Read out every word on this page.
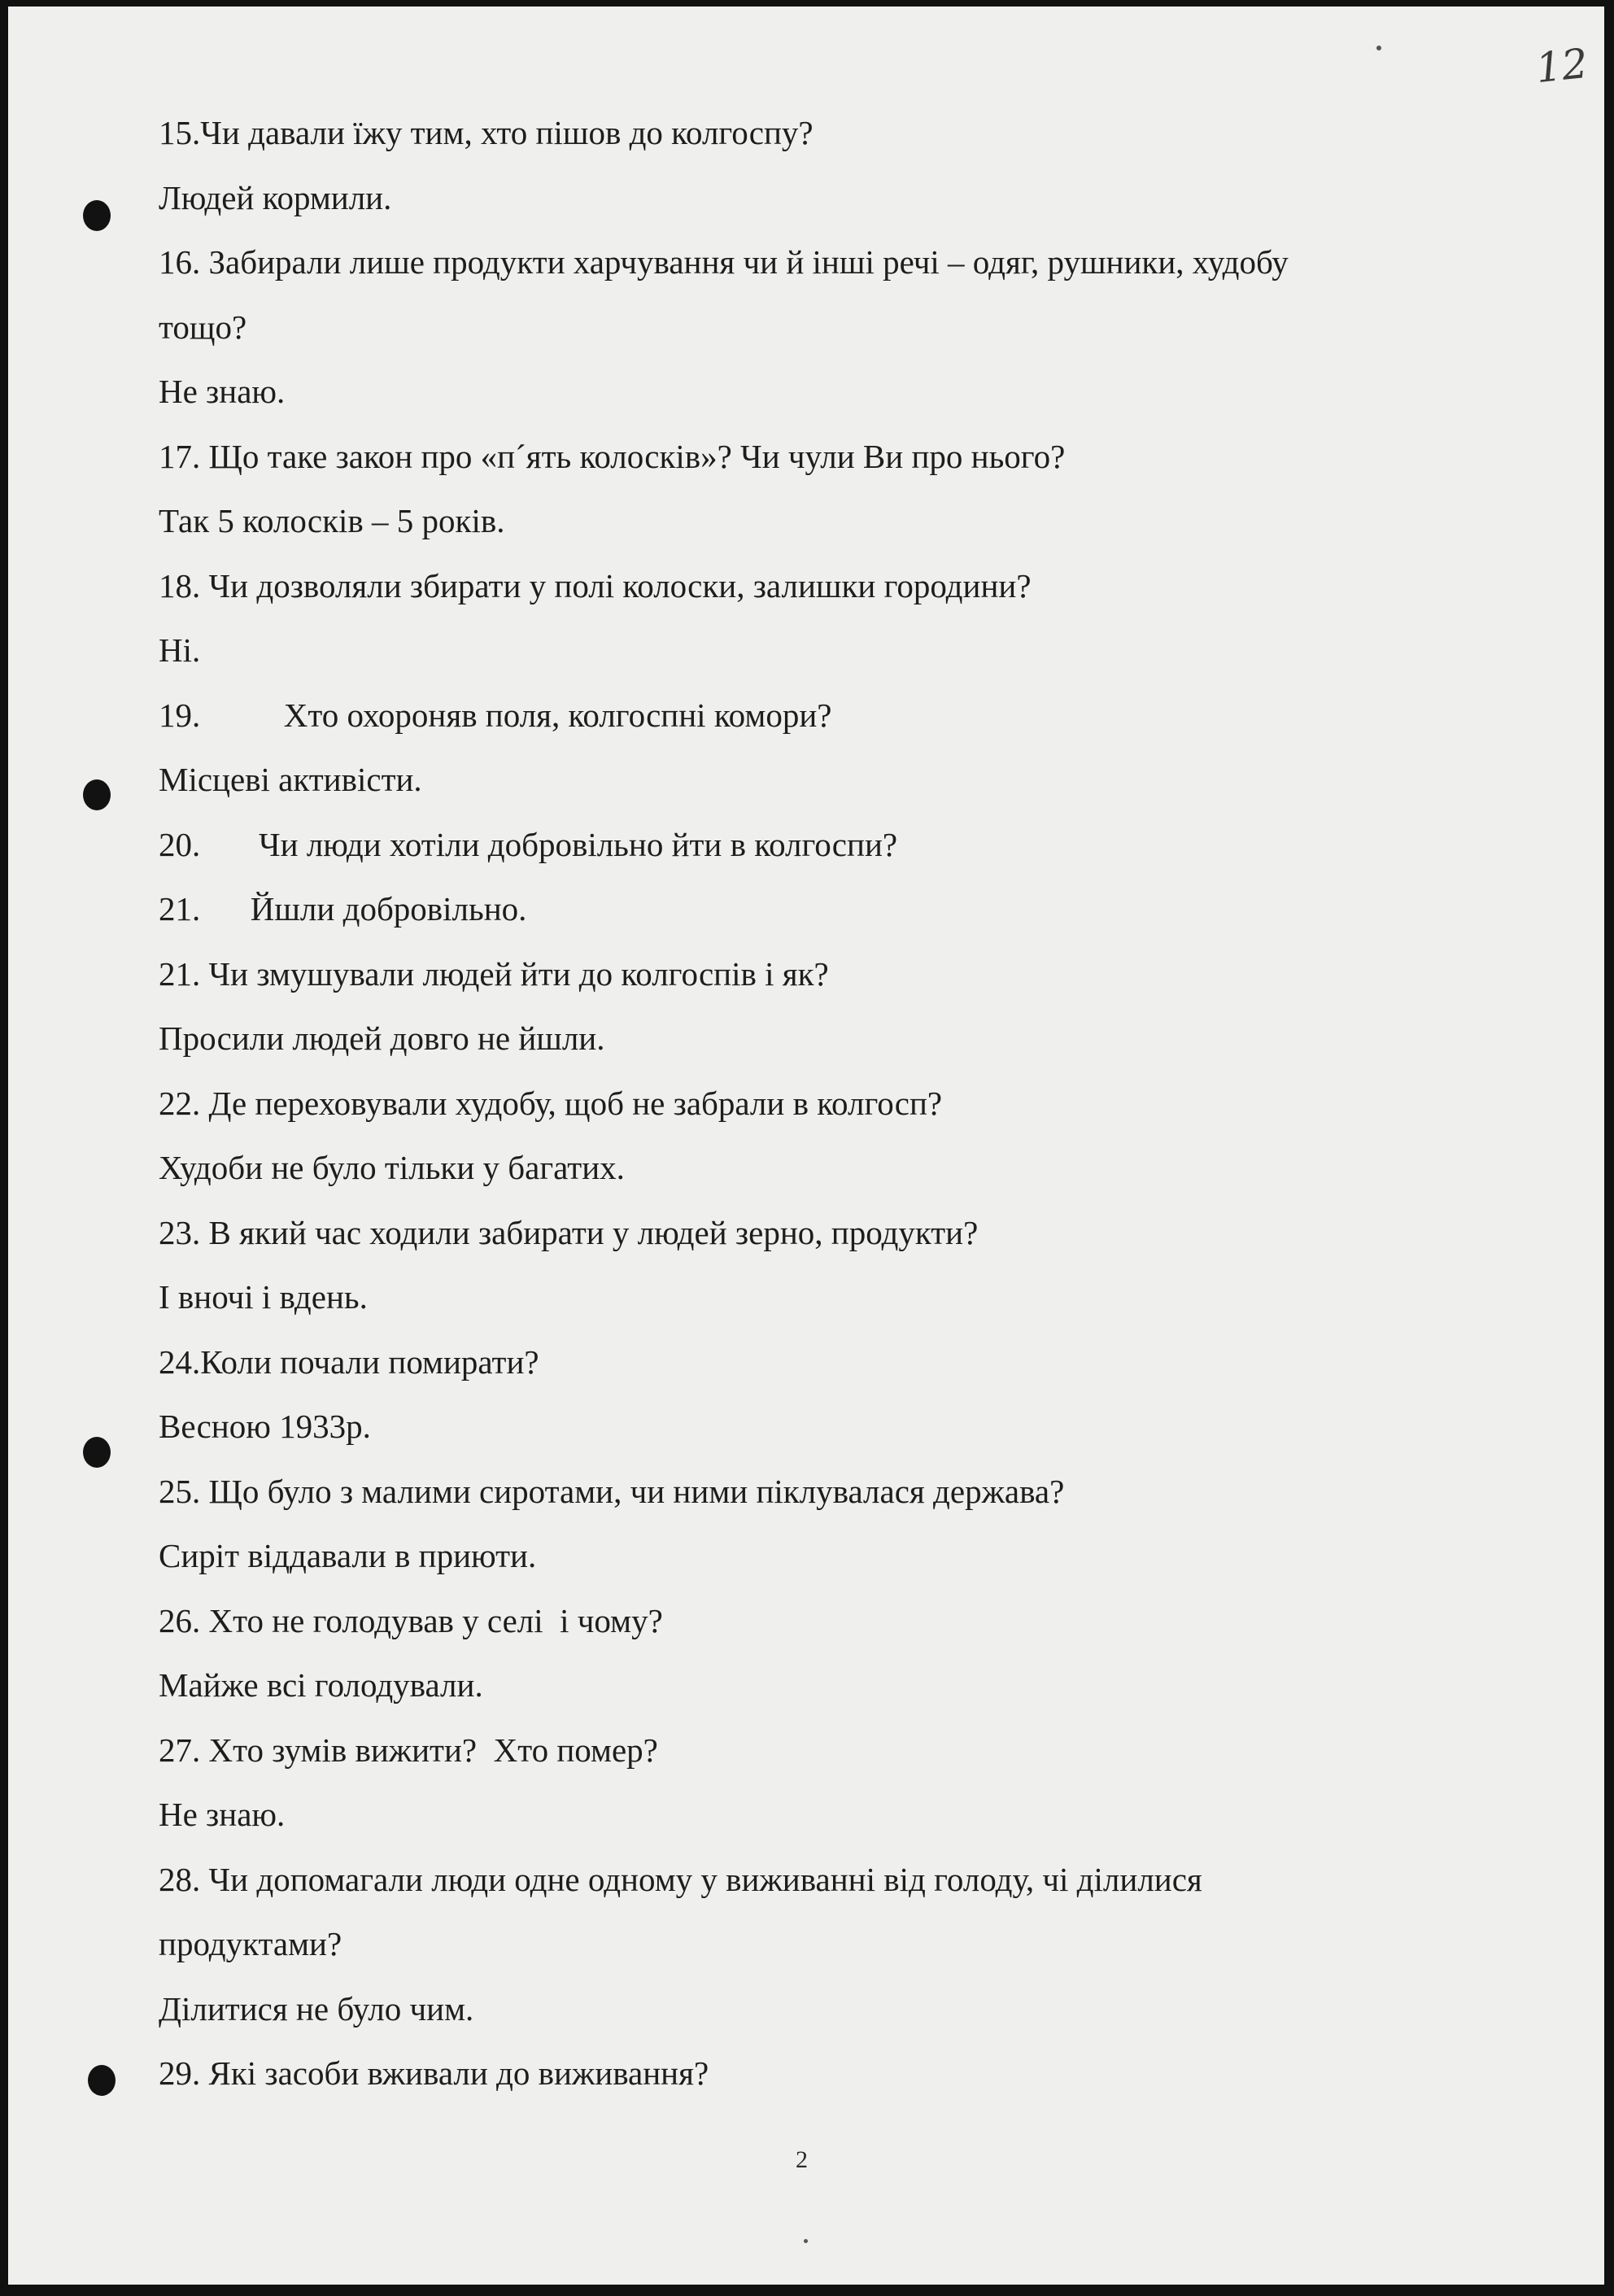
12
15.Чи давали їжу тим, хто пішов до колгоспу?
Людей кормили.
16. Забирали лише продукти харчування чи й інші речі – одяг, рушники, худобу
тощо?
Не знаю.
17. Що таке закон про «п´ять колосків»? Чи чули Ви про нього?
Так 5 колосків – 5 років.
18. Чи дозволяли збирати у полі колоски, залишки городини?
Ні.
19.          Хто охороняв поля, колгоспні комори?
Місцеві активісти.
20.       Чи люди хотіли добровільно йти в колгоспи?
21.      Йшли добровільно.
21. Чи змушували людей йти до колгоспів і як?
Просили людей довго не йшли.
22. Де переховували худобу, щоб не забрали в колгосп?
Худоби не було тільки у багатих.
23. В який час ходили забирати у людей зерно, продукти?
І вночі і вдень.
24.Коли почали помирати?
Весною 1933р.
25. Що було з малими сиротами, чи ними піклувалася держава?
Сиріт віддавали в приюти.
26. Хто не голодував у селі  і чому?
Майже всі голодували.
27. Хто зумів вижити?  Хто помер?
Не знаю.
28. Чи допомагали люди одне одному у виживанні від голоду, чі ділилися
продуктами?
Ділитися не було чим.
29. Які засоби вживали до виживання?
2
